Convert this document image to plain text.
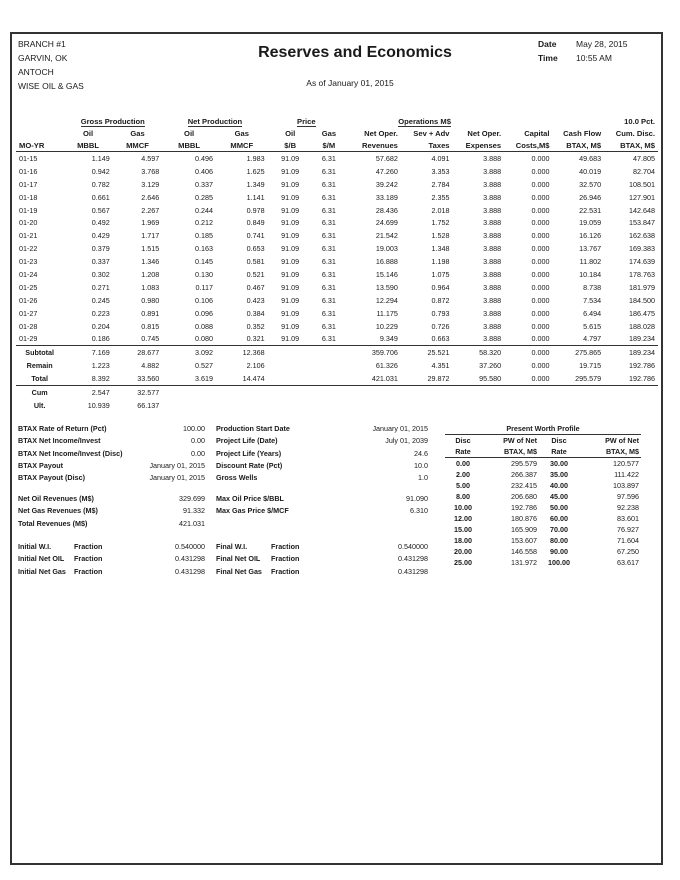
BRANCH #1
GARVIN, OK
ANTOCH
WISE OIL & GAS
Reserves and Economics
As of January 01, 2015
Date
Time
May 28, 2015
10:55 AM
	Gross Production		Net Production		Price		Operations M$					10.0 Pct.
	Oil	Gas	Oil	Gas	Oil	Gas	Net Oper.	Sev + Adv	Net Oper.	Capital	Cash Flow	Cum. Disc.
MO-YR	MBBL	MMCF	MBBL	MMCF	$/B	$/M	Revenues	Taxes	Expenses	Costs,M$	BTAX, M$	BTAX, M$
01-15	1.149	4.597	0.496	1.983	91.09	6.31	57.682	4.091	3.888	0.000	49.683	47.805
01-16	0.942	3.768	0.406	1.625	91.09	6.31	47.260	3.353	3.888	0.000	40.019	82.704
01-17	0.782	3.129	0.337	1.349	91.09	6.31	39.242	2.784	3.888	0.000	32.570	108.501
01-18	0.661	2.646	0.285	1.141	91.09	6.31	33.189	2.355	3.888	0.000	26.946	127.901
01-19	0.567	2.267	0.244	0.978	91.09	6.31	28.436	2.018	3.888	0.000	22.531	142.648
01-20	0.492	1.969	0.212	0.849	91.09	6.31	24.699	1.752	3.888	0.000	19.059	153.847
01-21	0.429	1.717	0.185	0.741	91.09	6.31	21.542	1.528	3.888	0.000	16.126	162.638
01-22	0.379	1.515	0.163	0.653	91.09	6.31	19.003	1.348	3.888	0.000	13.767	169.383
01-23	0.337	1.346	0.145	0.581	91.09	6.31	16.888	1.198	3.888	0.000	11.802	174.639
01-24	0.302	1.208	0.130	0.521	91.09	6.31	15.146	1.075	3.888	0.000	10.184	178.763
01-25	0.271	1.083	0.117	0.467	91.09	6.31	13.590	0.964	3.888	0.000	8.738	181.979
01-26	0.245	0.980	0.106	0.423	91.09	6.31	12.294	0.872	3.888	0.000	7.534	184.500
01-27	0.223	0.891	0.096	0.384	91.09	6.31	11.175	0.793	3.888	0.000	6.494	186.475
01-28	0.204	0.815	0.088	0.352	91.09	6.31	10.229	0.726	3.888	0.000	5.615	188.028
01-29	0.186	0.745	0.080	0.321	91.09	6.31	9.349	0.663	3.888	0.000	4.797	189.234
Subtotal	7.169	28.677	3.092	12.368			359.706	25.521	58.320	0.000	275.865	189.234
Remain	1.223	4.882	0.527	2.106			61.326	4.351	37.260	0.000	19.715	192.786
Total	8.392	33.560	3.619	14.474			421.031	29.872	95.580	0.000	295.579	192.786
Cum	2.547	32.577										
Ult.	10.939	66.137										
BTAX Rate of Return (Pct)	100.00
BTAX Net Income/Invest	0.00
BTAX Net Income/Invest (Disc)	0.00
BTAX Payout	January 01, 2015
BTAX Payout (Disc)	January 01, 2015
Production Start Date	January 01, 2015
Project Life (Date)	July 01, 2039
Project Life (Years)	24.6
Discount Rate (Pct)	10.0
Gross Wells	1.0
Net Oil Revenues (M$)	329.699
Net Gas Revenues (M$)	91.332
Total Revenues (M$)	421.031
Max Oil Price $/BBL	91.090
Max Gas Price $/MCF	6.310
Initial W.I.	Fraction	0.540000 Final W.I.	Fraction	0.540000
Initial Net OIL Fraction	0.431298 Final Net OIL Fraction	0.431298
Initial Net Gas Fraction	0.431298 Final Net Gas Fraction	0.431298
Present Worth Profile			
Disc	PW of Net	Disc	PW of Net
Rate	BTAX, M$	Rate	BTAX, M$
0.00	295.579	30.00	120.577
2.00	266.387	35.00	111.422
5.00	232.415	40.00	103.897
8.00	206.680	45.00	97.596
10.00	192.786	50.00	92.238
12.00	180.876	60.00	83.601
15.00	165.909	70.00	76.927
18.00	153.607	80.00	71.604
20.00	146.558	90.00	67.250
25.00	131.972	100.00	63.617
